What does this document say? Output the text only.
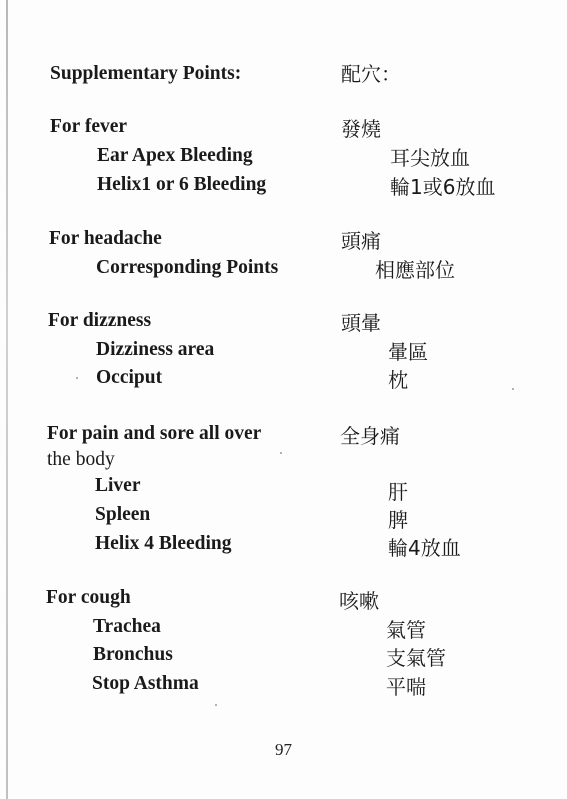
Supplementary Points:	配穴：
For fever	發燒
Ear Apex Bleeding	耳尖放血
Helix1 or 6 Bleeding	輪1或6放血
For headache	頭痛
Corresponding Points	相應部位
For dizzness	頭暈
Dizziness area	暈區
Occiput	枕
For pain and sore all over	全身痛
the body
Liver	肝
Spleen	脾
Helix 4 Bleeding	輪4放血
For cough	咳嗽
Trachea	氣管
Bronchus	支氣管
Stop Asthma	平喘
97
